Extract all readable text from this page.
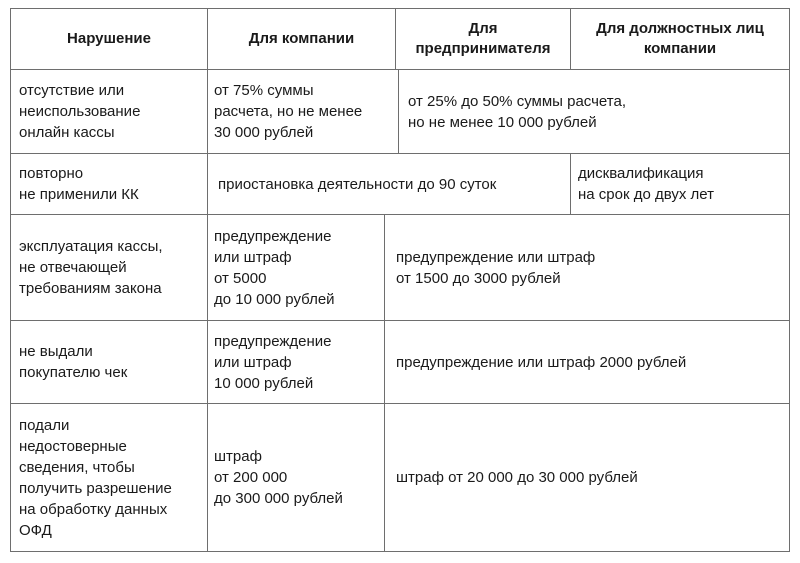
Нарушение	Для компании
Для
предпринимателя
Для должностных лиц
компании
отсутствие или
неиспользование
онлайн кассы
от 75% суммы
расчета, но не менее
30 000 рублей
от 25% до 50% суммы расчета,
но не менее 10 000 рублей
повторно
не применили КК
приостановка деятельности до 90 суток
дисквалификация
на срок до двух лет
эксплуатация кассы,
не отвечающей
требованиям закона
предупреждение
или штраф
от 5000
до 10 000 рублей
предупреждение или штраф
от 1500 до 3000 рублей
не выдали
покупателю чек
предупреждение
или штраф
10 000 рублей
предупреждение или штраф 2000 рублей
подали
недостоверные
сведения, чтобы
получить разрешение
на обработку данных
ОФД
штраф
от 200 000
до 300 000 рублей
штраф от 20 000 до 30 000 рублей
